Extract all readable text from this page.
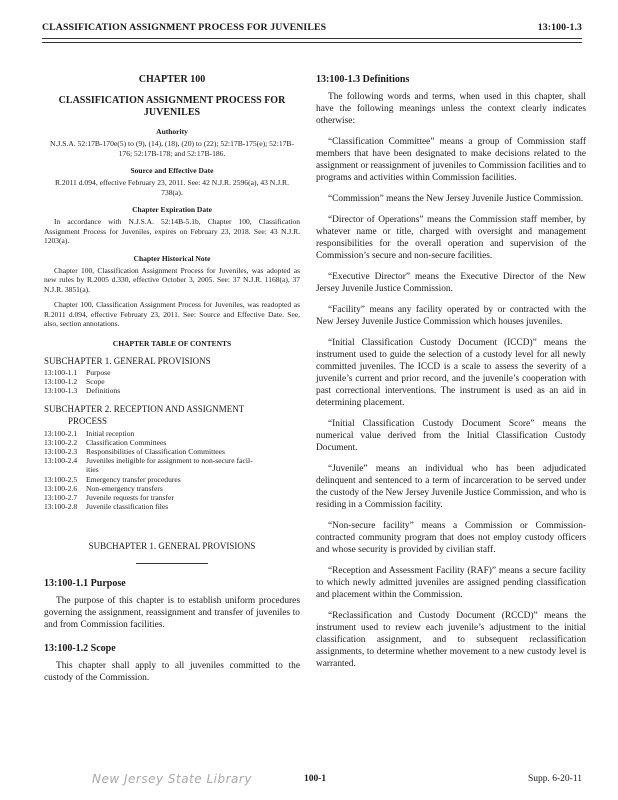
CLASSIFICATION ASSIGNMENT PROCESS FOR JUVENILES	13:100-1.3
CHAPTER 100
CLASSIFICATION ASSIGNMENT PROCESS FOR JUVENILES
Authority
N.J.S.A. 52:17B-170e(5) to (9), (14), (18), (20) to (22); 52:17B-175(e); 52:17B-176; 52:17B-178; and 52:17B-186.
Source and Effective Date
R.2011 d.094, effective February 23, 2011. See: 42 N.J.R. 2596(a), 43 N.J.R. 738(a).
Chapter Expiration Date
In accordance with N.J.S.A. 52:14B-5.1b, Chapter 100, Classification Assignment Process for Juveniles, expires on February 23, 2018. See: 43 N.J.R. 1203(a).
Chapter Historical Note
Chapter 100, Classification Assignment Process for Juveniles, was adopted as new rules by R.2005 d.330, effective October 3, 2005. See: 37 N.J.R. 1168(a), 37 N.J.R. 3851(a).
Chapter 100, Classification Assignment Process for Juveniles, was readopted as R.2011 d.094, effective February 23, 2011. See: Source and Effective Date. See, also, section annotations.
CHAPTER TABLE OF CONTENTS
SUBCHAPTER 1. GENERAL PROVISIONS
13:100-1.1	Purpose
13:100-1.2	Scope
13:100-1.3	Definitions
SUBCHAPTER 2. RECEPTION AND ASSIGNMENT
PROCESS
13:100-2.1	Initial reception
13:100-2.2	Classification Committees
13:100-2.3	Responsibilities of Classification Committees
13:100-2.4	Juveniles ineligible for assignment to non-secure facil-
ities
13:100-2.5	Emergency transfer procedures
13:100-2.6	Non-emergency transfers
13:100-2.7	Juvenile requests for transfer
13:100-2.8	Juvenile classification files
SUBCHAPTER 1. GENERAL PROVISIONS
13:100-1.1 Purpose
The purpose of this chapter is to establish uniform procedures governing the assignment, reassignment and transfer of juveniles to and from Commission facilities.
13:100-1.2 Scope
This chapter shall apply to all juveniles committed to the custody of the Commission.
13:100-1.3 Definitions
The following words and terms, when used in this chapter, shall have the following meanings unless the context clearly indicates otherwise:
“Classification Committee” means a group of Commission staff members that have been designated to make decisions related to the assignment or reassignment of juveniles to Commission facilities and to programs and activities within Commission facilities.
“Commission” means the New Jersey Juvenile Justice Commission.
“Director of Operations” means the Commission staff member, by whatever name or title, charged with oversight and management responsibilities for the overall operation and supervision of the Commission’s secure and non-secure facilities.
“Executive Director” means the Executive Director of the New Jersey Juvenile Justice Commission.
“Facility” means any facility operated by or contracted with the New Jersey Juvenile Justice Commission which houses juveniles.
“Initial Classification Custody Document (ICCD)” means the instrument used to guide the selection of a custody level for all newly committed juveniles. The ICCD is a scale to assess the severity of a juvenile’s current and prior record, and the juvenile’s cooperation with past correctional interventions. The instrument is used as an aid in determining placement.
“Initial Classification Custody Document Score” means the numerical value derived from the Initial Classification Custody Document.
“Juvenile” means an individual who has been adjudicated delinquent and sentenced to a term of incarceration to be served under the custody of the New Jersey Juvenile Justice Commission, and who is residing in a Commission facility.
“Non-secure facility” means a Commission or Commission-contracted community program that does not employ custody officers and whose security is provided by civilian staff.
“Reception and Assessment Facility (RAF)” means a secure facility to which newly admitted juveniles are assigned pending classification and placement within the Commission.
“Reclassification and Custody Document (RCCD)” means the instrument used to review each juvenile’s adjustment to the initial classification assignment, and to subsequent reclassification assignments, to determine whether movement to a new custody level is warranted.
New Jersey State Library	100-1	Supp. 6-20-11
